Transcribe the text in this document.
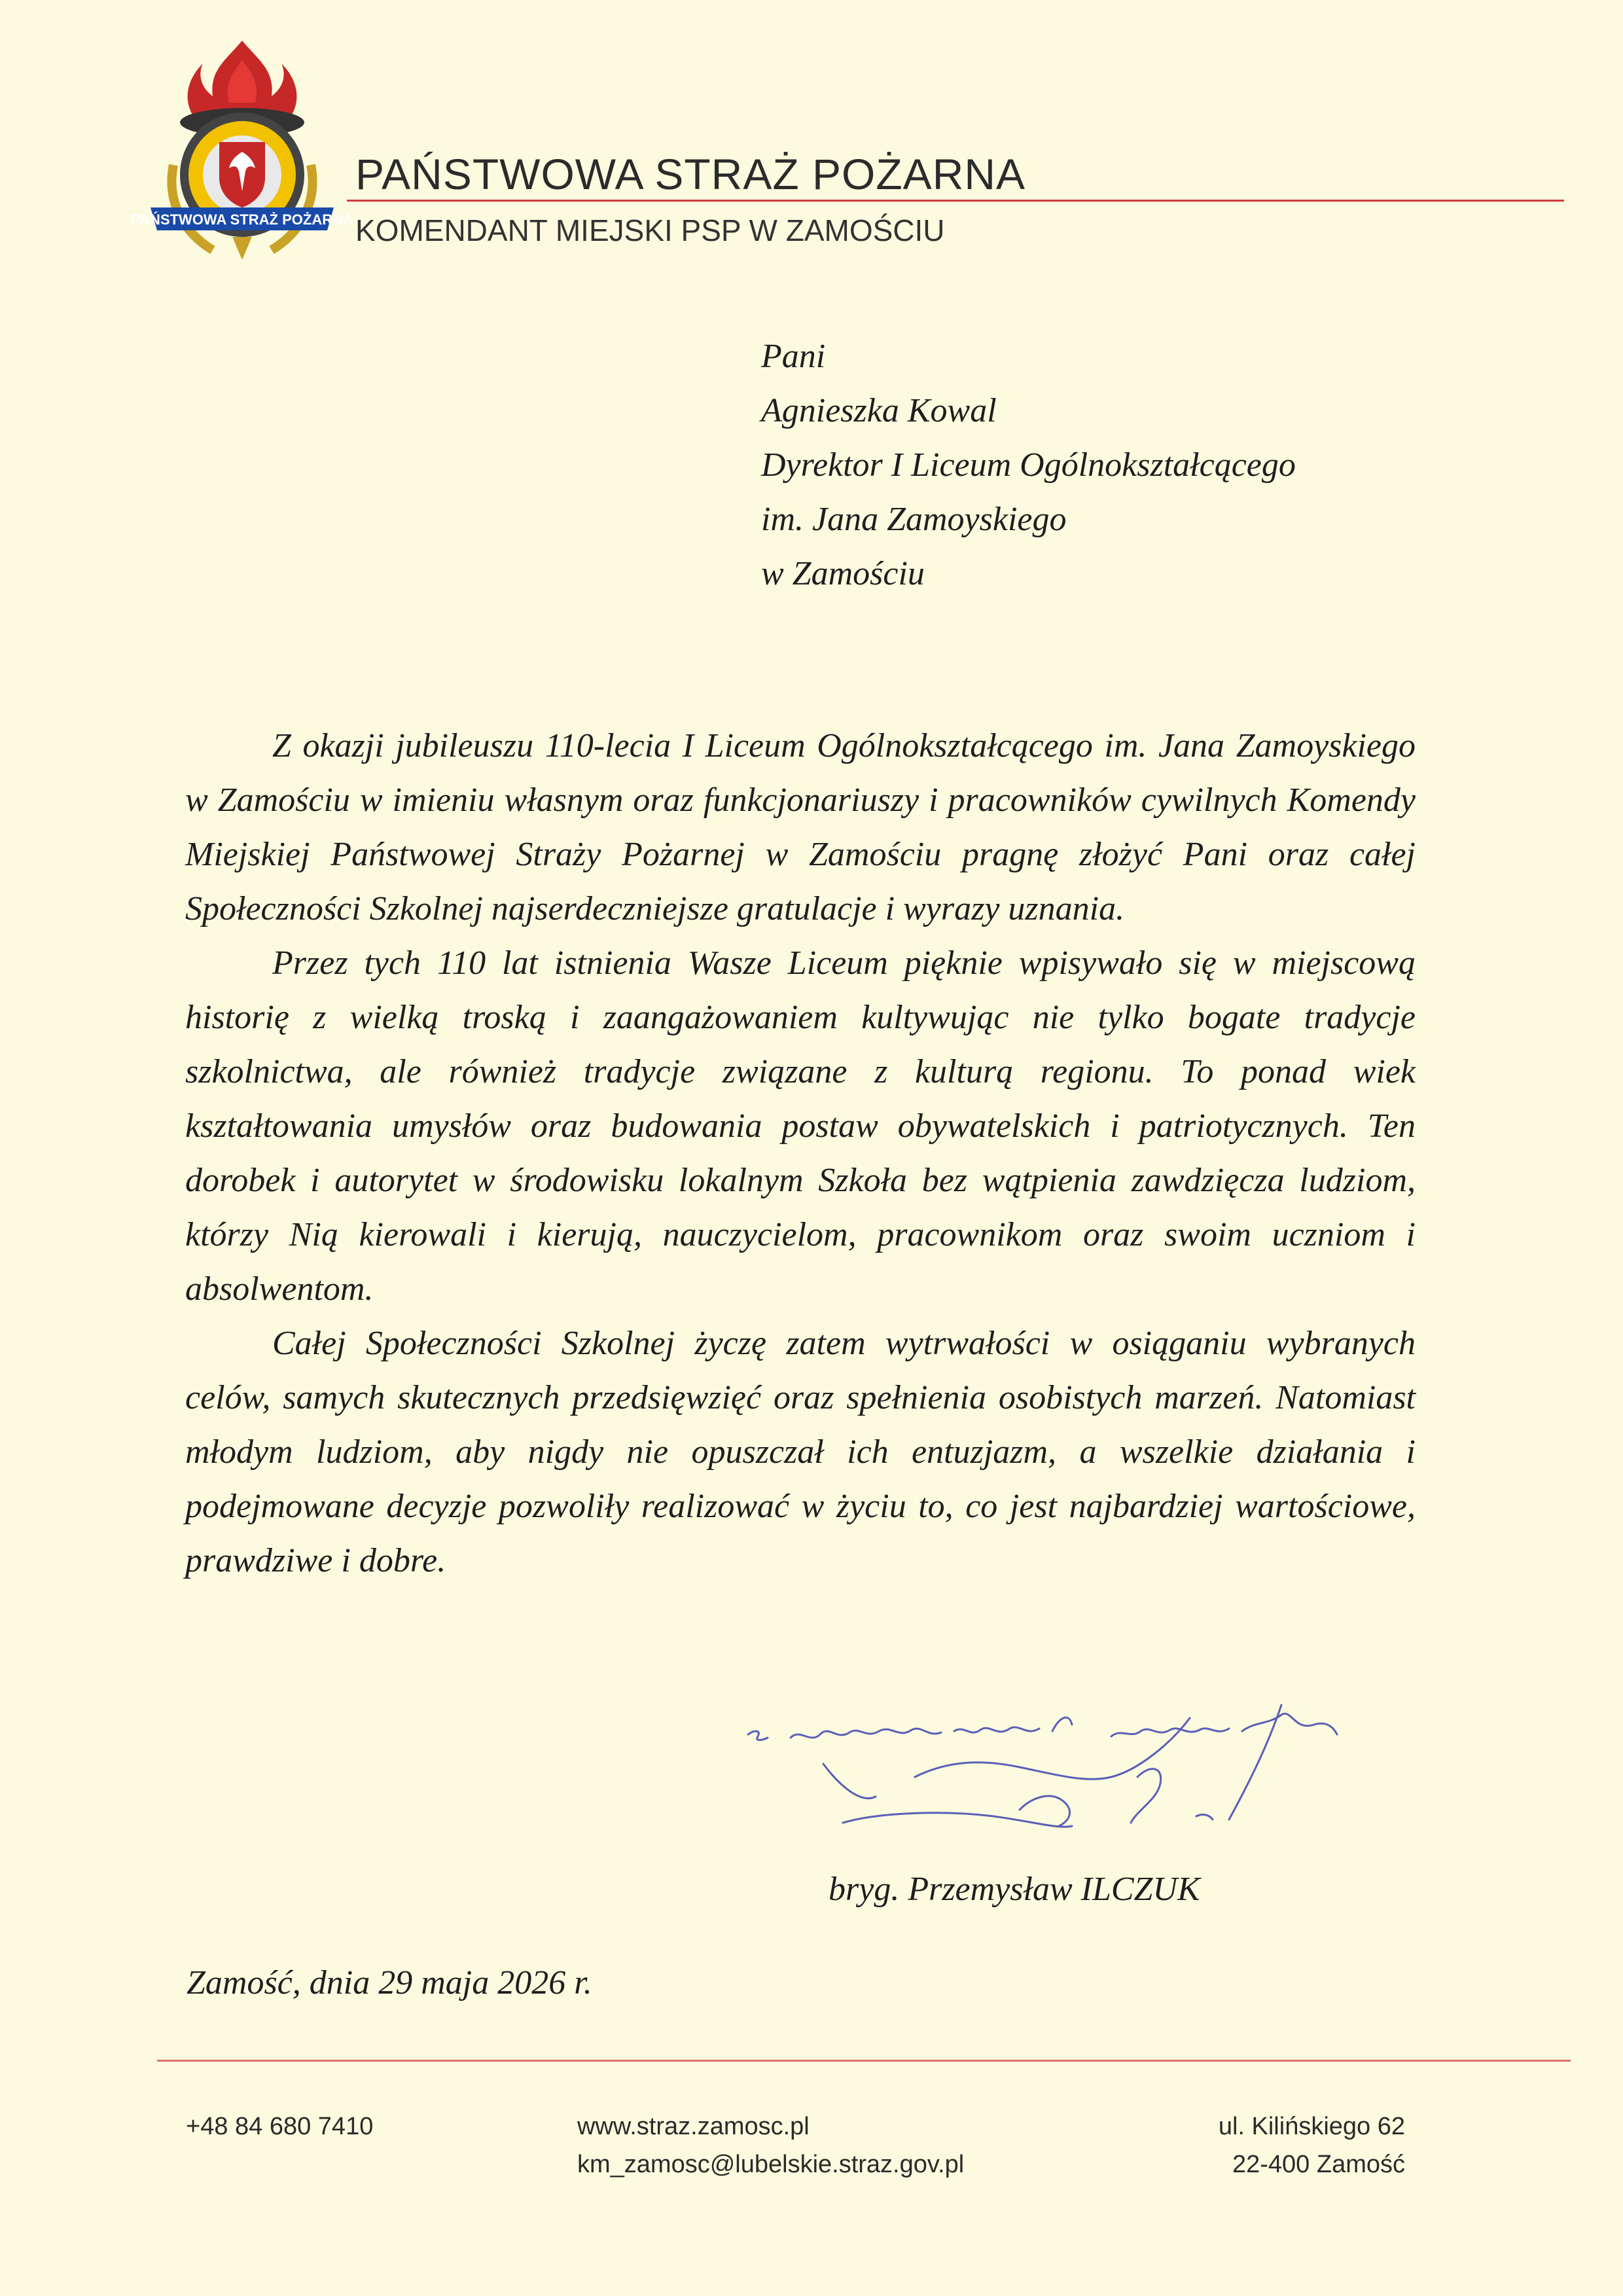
PAŃSTWOWA STRAŻ POŻARNA
PAŃSTWOWA STRAŻ POŻARNA
KOMENDANT MIEJSKI PSP W ZAMOŚCIU
Pani
Agnieszka Kowal
Dyrektor I Liceum Ogólnokształcącego
im. Jana Zamoyskiego
w Zamościu

Z okazji jubileuszu 110-lecia I Liceum Ogólnokształcącego im. Jana Zamoyskiego w Zamościu w imieniu własnym oraz funkcjonariuszy i pracowników cywilnych Komendy Miejskiej Państwowej Straży Pożarnej w Zamościu pragnę złożyć Pani oraz całej Społeczności Szkolnej najserdeczniejsze gratulacje i wyrazy uznania.

Przez tych 110 lat istnienia Wasze Liceum pięknie wpisywało się w miejscową historię z wielką troską i zaangażowaniem kultywując nie tylko bogate tradycje szkolnictwa, ale również tradycje związane z kulturą regionu. To ponad wiek kształtowania umysłów oraz budowania postaw obywatelskich i patriotycznych. Ten dorobek i autorytet w środowisku lokalnym Szkoła bez wątpienia zawdzięcza ludziom, którzy Nią kierowali i kierują, nauczycielom, pracownikom oraz swoim uczniom i absolwentom.

Całej Społeczności Szkolnej życzę zatem wytrwałości w osiąganiu wybranych celów, samych skutecznych przedsięwzięć oraz spełnienia osobistych marzeń. Natomiast młodym ludziom, aby nigdy nie opuszczał ich entuzjazm, a wszelkie działania i podejmowane decyzje pozwoliły realizować w życiu to, co jest najbardziej wartościowe, prawdziwe i dobre.

z wyrazami szacunku
bryg. Przemysław ILCZUK
Zamość, dnia 29 maja 2026 r.
+48 84 680 7410	www.straz.zamosc.pl
km_zamosc@lubelskie.straz.gov.pl
ul. Kilińskiego 62
22-400 Zamość
